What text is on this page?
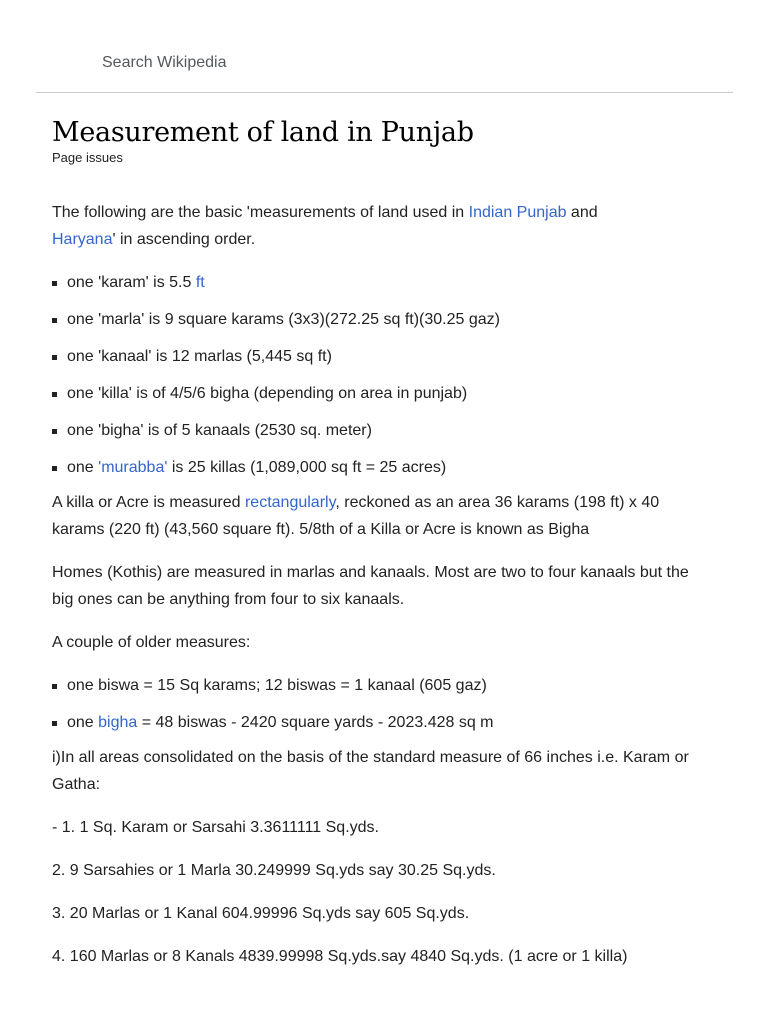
Search Wikipedia
Measurement of land in Punjab
Page issues

The following are the basic 'measurements of land used in Indian Punjab and
Haryana' in ascending order.

one 'karam' is 5.5 ft
one 'marla' is 9 square karams (3x3)(272.25 sq ft)(30.25 gaz)
one 'kanaal' is 12 marlas (5,445 sq ft)
one 'killa' is of 4/5/6 bigha (depending on area in punjab)
one 'bigha' is of 5 kanaals (2530 sq. meter)
one 'murabba' is 25 killas (1,089,000 sq ft = 25 acres)

A killa or Acre is measured rectangularly, reckoned as an area 36 karams (198 ft) x 40 karams (220 ft) (43,560 square ft). 5/8th of a Killa or Acre is known as Bigha

Homes (Kothis) are measured in marlas and kanaals. Most are two to four kanaals but the big ones can be anything from four to six kanaals.

A couple of older measures:

one biswa = 15 Sq karams; 12 biswas = 1 kanaal (605 gaz)
one bigha = 48 biswas - 2420 square yards - 2023.428 sq m

i)In all areas consolidated on the basis of the standard measure of 66 inches i.e. Karam or Gatha:

- 1. 1 Sq. Karam or Sarsahi 3.3611111 Sq.yds.

2. 9 Sarsahies or 1 Marla 30.249999 Sq.yds say 30.25 Sq.yds.

3. 20 Marlas or 1 Kanal 604.99996 Sq.yds say 605 Sq.yds.

4. 160 Marlas or 8 Kanals 4839.99998 Sq.yds.say 4840 Sq.yds. (1 acre or 1 killa)
